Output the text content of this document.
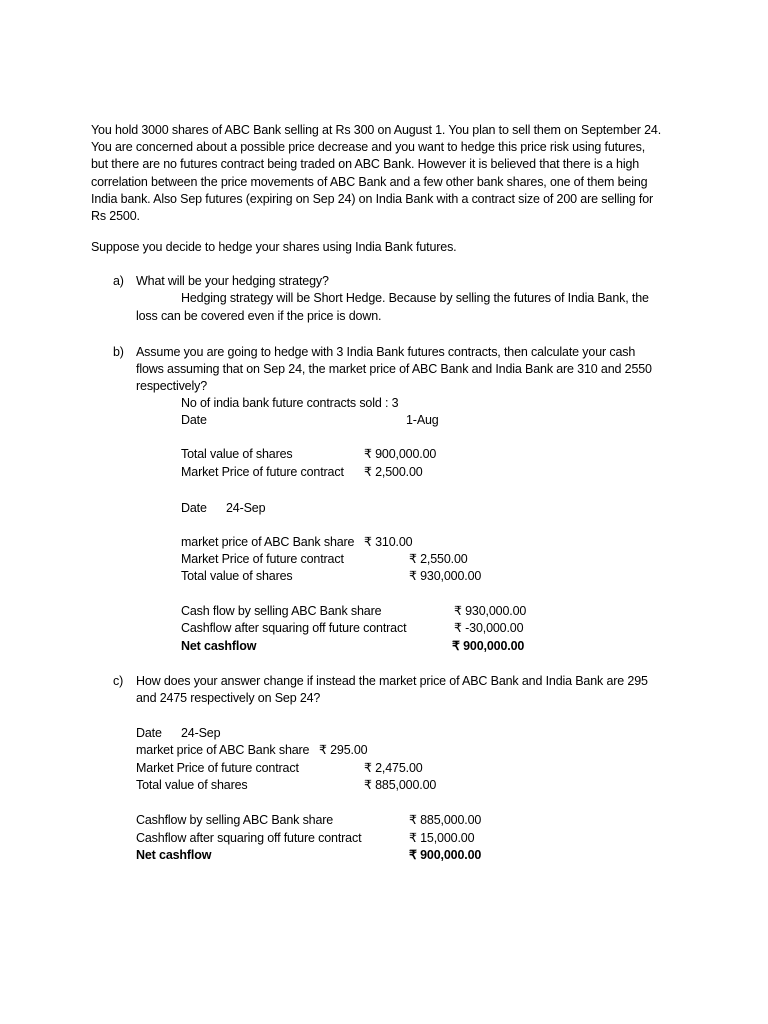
You hold 3000 shares of ABC Bank selling at Rs 300 on August 1. You plan to sell them on September 24.
You are concerned about a possible price decrease and you want to hedge this price risk using futures,
but there are no futures contract being traded on ABC Bank. However it is believed that there is a high
correlation between the price movements of ABC Bank and a few other bank shares, one of them being
India bank. Also Sep futures (expiring on Sep 24) on India Bank with a contract size of 200 are selling for
Rs 2500.
Suppose you decide to hedge your shares using India Bank futures.
a) What will be your hedging strategy?
Hedging strategy will be Short Hedge. Because by selling the futures of India Bank, the
loss can be covered even if the price is down.
b) Assume you are going to hedge with 3 India Bank futures contracts, then calculate your cash
flows assuming that on Sep 24, the market price of ABC Bank and India Bank are 310 and 2550
respectively?
No of india bank future contracts sold : 3
Date	1-Aug
Total value of shares	₹ 900,000.00
Market Price of future contract ₹ 2,500.00
Date 24-Sep
market price of ABC Bank share ₹ 310.00
Market Price of future contract	₹ 2,550.00
Total value of shares	₹ 930,000.00
Cash flow by selling ABC Bank share	₹ 930,000.00
Cashflow after squaring off future contract	₹ -30,000.00
Net cashflow	₹ 900,000.00
c) How does your answer change if instead the market price of ABC Bank and India Bank are 295
and 2475 respectively on Sep 24?
Date 24-Sep
market price of ABC Bank share ₹ 295.00
Market Price of future contract	₹ 2,475.00
Total value of shares	₹ 885,000.00
Cashflow by selling ABC Bank share	₹ 885,000.00
Cashflow after squaring off future contract	₹ 15,000.00
Net cashflow	₹ 900,000.00
